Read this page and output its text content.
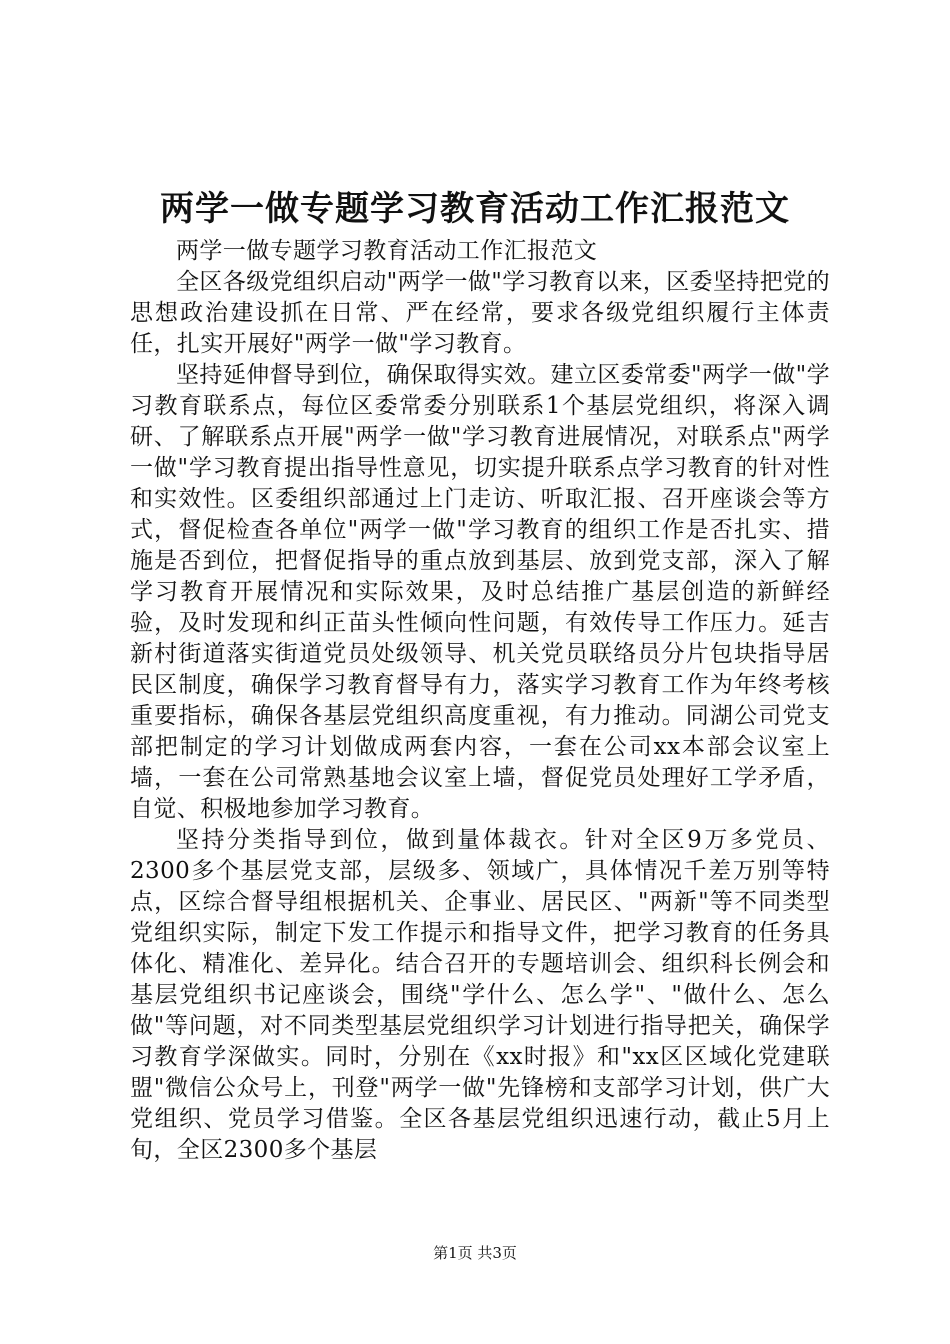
两学一做专题学习教育活动工作汇报范文

两学一做专题学习教育活动工作汇报范文

全区各级党组织启动"两学一做"学习教育以来，区委坚持把党的思想政治建设抓在日常、严在经常，要求各级党组织履行主体责任，扎实开展好"两学一做"学习教育。

坚持延伸督导到位，确保取得实效。建立区委常委"两学一做"学习教育联系点，每位区委常委分别联系1个基层党组织，将深入调研、了解联系点开展"两学一做"学习教育进展情况，对联系点"两学一做"学习教育提出指导性意见，切实提升联系点学习教育的针对性和实效性。区委组织部通过上门走访、听取汇报、召开座谈会等方式，督促检查各单位"两学一做"学习教育的组织工作是否扎实、措施是否到位，把督促指导的重点放到基层、放到党支部，深入了解学习教育开展情况和实际效果，及时总结推广基层创造的新鲜经验，及时发现和纠正苗头性倾向性问题，有效传导工作压力。延吉新村街道落实街道党员处级领导、机关党员联络员分片包块指导居民区制度，确保学习教育督导有力，落实学习教育工作为年终考核重要指标，确保各基层党组织高度重视，有力推动。同湖公司党支部把制定的学习计划做成两套内容，一套在公司xx本部会议室上墙，一套在公司常熟基地会议室上墙，督促党员处理好工学矛盾，自觉、积极地参加学习教育。

坚持分类指导到位，做到量体裁衣。针对全区9万多党员、2300多个基层党支部，层级多、领域广，具体情况千差万别等特点，区综合督导组根据机关、企事业、居民区、"两新"等不同类型党组织实际，制定下发工作提示和指导文件，把学习教育的任务具体化、精准化、差异化。结合召开的专题培训会、组织科长例会和基层党组织书记座谈会，围绕"学什么、怎么学"、"做什么、怎么做"等问题，对不同类型基层党组织学习计划进行指导把关，确保学习教育学深做实。同时，分别在《xx时报》和"xx区区域化党建联盟"微信公众号上，刊登"两学一做"先锋榜和支部学习计划，供广大党组织、党员学习借鉴。全区各基层党组织迅速行动，截止5月上旬，全区2300多个基层

第1页 共3页
